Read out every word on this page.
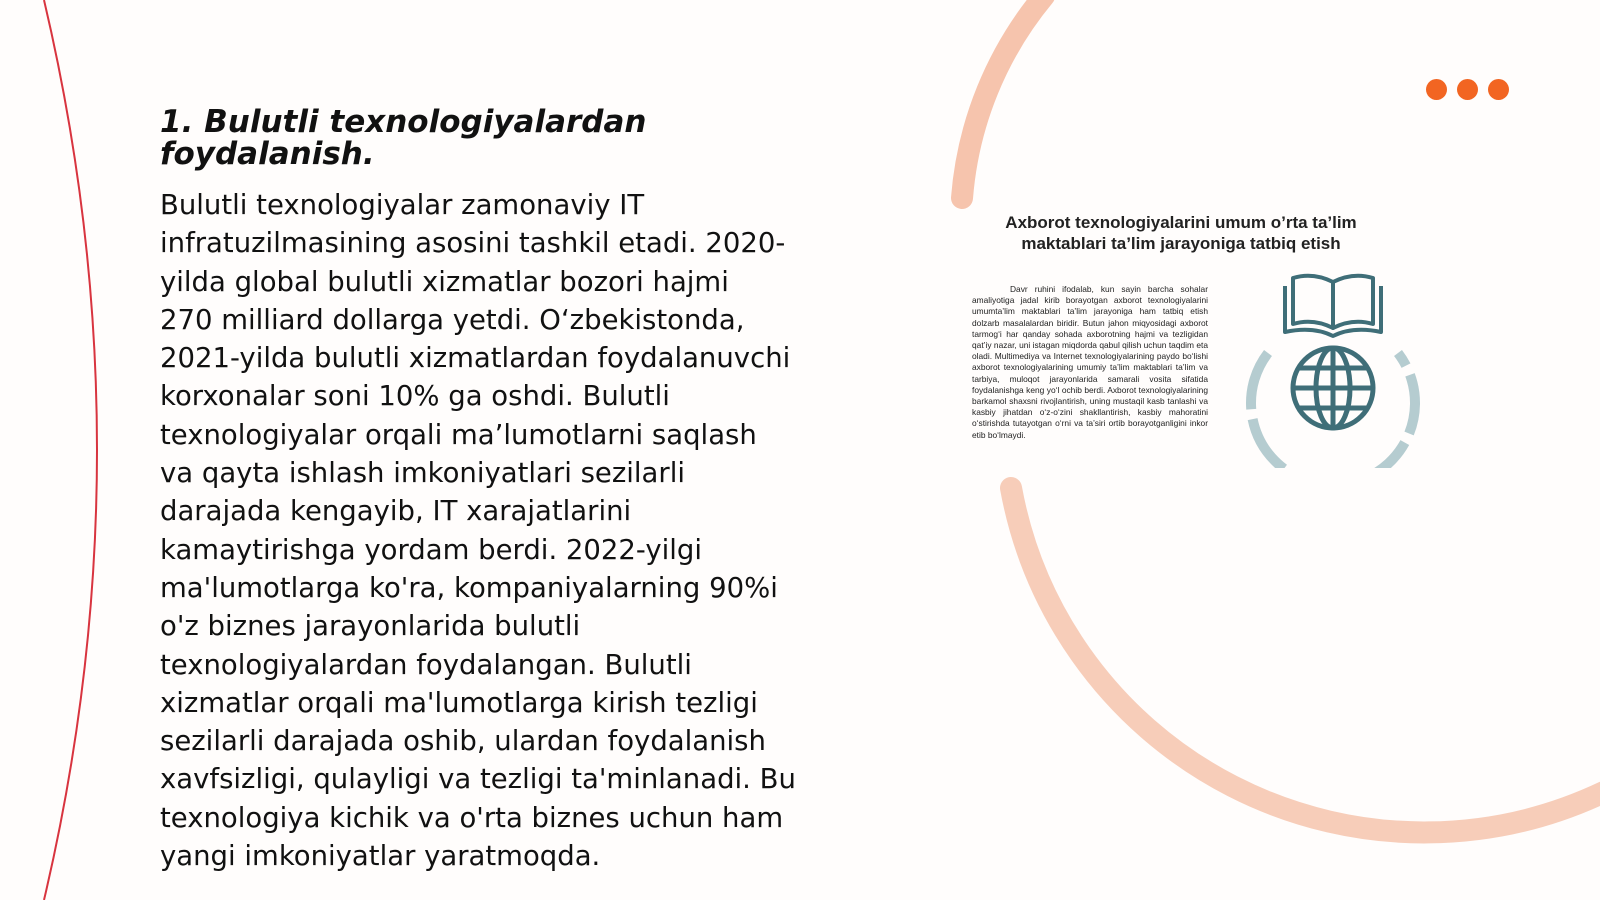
1. Bulutli texnologiyalardan foydalanish.

Bulutli texnologiyalar zamonaviy IT
infratuzilmasining asosini tashkil etadi. 2020-
yilda global bulutli xizmatlar bozori hajmi
270 milliard dollarga yetdi. O‘zbekistonda,
2021-yilda bulutli xizmatlardan foydalanuvchi
korxonalar soni 10% ga oshdi. Bulutli
texnologiyalar orqali ma’lumotlarni saqlash
va qayta ishlash imkoniyatlari sezilarli
darajada kengayib, IT xarajatlarini
kamaytirishga yordam berdi. 2022-yilgi
ma'lumotlarga ko'ra, kompaniyalarning 90%i
o'z biznes jarayonlarida bulutli
texnologiyalardan foydalangan. Bulutli
xizmatlar orqali ma'lumotlarga kirish tezligi
sezilarli darajada oshib, ulardan foydalanish
xavfsizligi, qulayligi va tezligi ta'minlanadi. Bu
texnologiya kichik va o'rta biznes uchun ham
yangi imkoniyatlar yaratmoqda.

Axborot texnologiyalarini umum o’rta ta’lim maktablari ta’lim jarayoniga tatbiq etish

Davr ruhini ifodalab, kun sayin barcha sohalar amaliyotiga jadal kirib borayotgan axborot texnologiyalarini umumta’lim maktablari ta’lim jarayoniga ham tatbiq etish dolzarb masalalardan biridir. Butun jahon miqyosidagi axborot tarmog‘i har qanday sohada axborotning hajmi va tezligidan qat’iy nazar, uni istagan miqdorda qabul qilish uchun taqdim eta oladi. Multimediya va Internet texnologiyalarining paydo bo‘lishi axborot texnologiyalarining umumiy ta’lim maktablari ta’lim va tarbiya, muloqot jarayonlarida samarali vosita sifatida foydalanishga keng yo‘l ochib berdi. Axborot texnologiyalarining barkamol shaxsni rivojlantirish, uning mustaqil kasb tanlashi va kasbiy jihatdan o‘z-o‘zini shakllantirish, kasbiy mahoratini o‘stirishda tutayotgan o‘rni va ta’siri ortib borayotganligini inkor etib bo‘lmaydi.
